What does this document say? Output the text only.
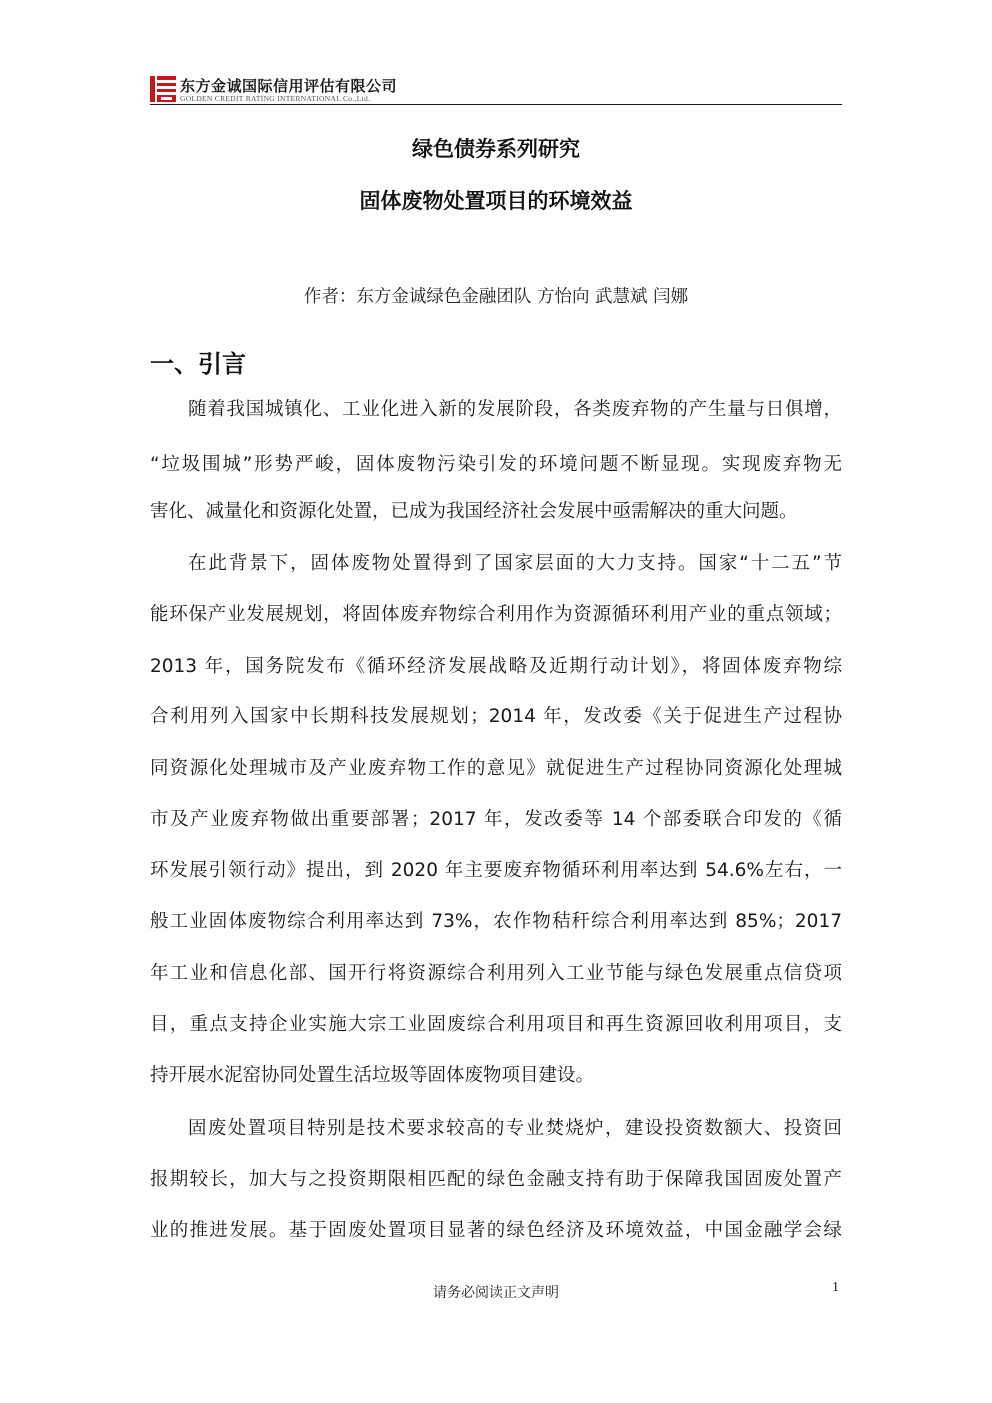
东方金诚国际信用评估有限公司
GOLDEN CREDIT RATING INTERNATIONAL Co.,Ltd.
绿色债券系列研究
固体废物处置项目的环境效益
作者：东方金诚绿色金融团队 方怡向 武慧斌 闫娜
一、引言
随着我国城镇化、工业化进入新的发展阶段，各类废弃物的产生量与日俱增，
“垃圾围城”形势严峻，固体废物污染引发的环境问题不断显现。实现废弃物无
害化、减量化和资源化处置，已成为我国经济社会发展中亟需解决的重大问题。
在此背景下，固体废物处置得到了国家层面的大力支持。国家“十二五”节
能环保产业发展规划，将固体废弃物综合利用作为资源循环利用产业的重点领域；
2013 年，国务院发布《循环经济发展战略及近期行动计划》，将固体废弃物综
合利用列入国家中长期科技发展规划；2014 年，发改委《关于促进生产过程协
同资源化处理城市及产业废弃物工作的意见》就促进生产过程协同资源化处理城
市及产业废弃物做出重要部署；2017 年，发改委等 14 个部委联合印发的《循
环发展引领行动》提出，到 2020 年主要废弃物循环利用率达到 54.6%左右，一
般工业固体废物综合利用率达到 73%，农作物秸秆综合利用率达到 85%；2017
年工业和信息化部、国开行将资源综合利用列入工业节能与绿色发展重点信贷项
目，重点支持企业实施大宗工业固废综合利用项目和再生资源回收利用项目，支
持开展水泥窑协同处置生活垃圾等固体废物项目建设。
固废处置项目特别是技术要求较高的专业焚烧炉，建设投资数额大、投资回
报期较长，加大与之投资期限相匹配的绿色金融支持有助于保障我国固废处置产
业的推进发展。基于固废处置项目显著的绿色经济及环境效益，中国金融学会绿
请务必阅读正文声明	1
